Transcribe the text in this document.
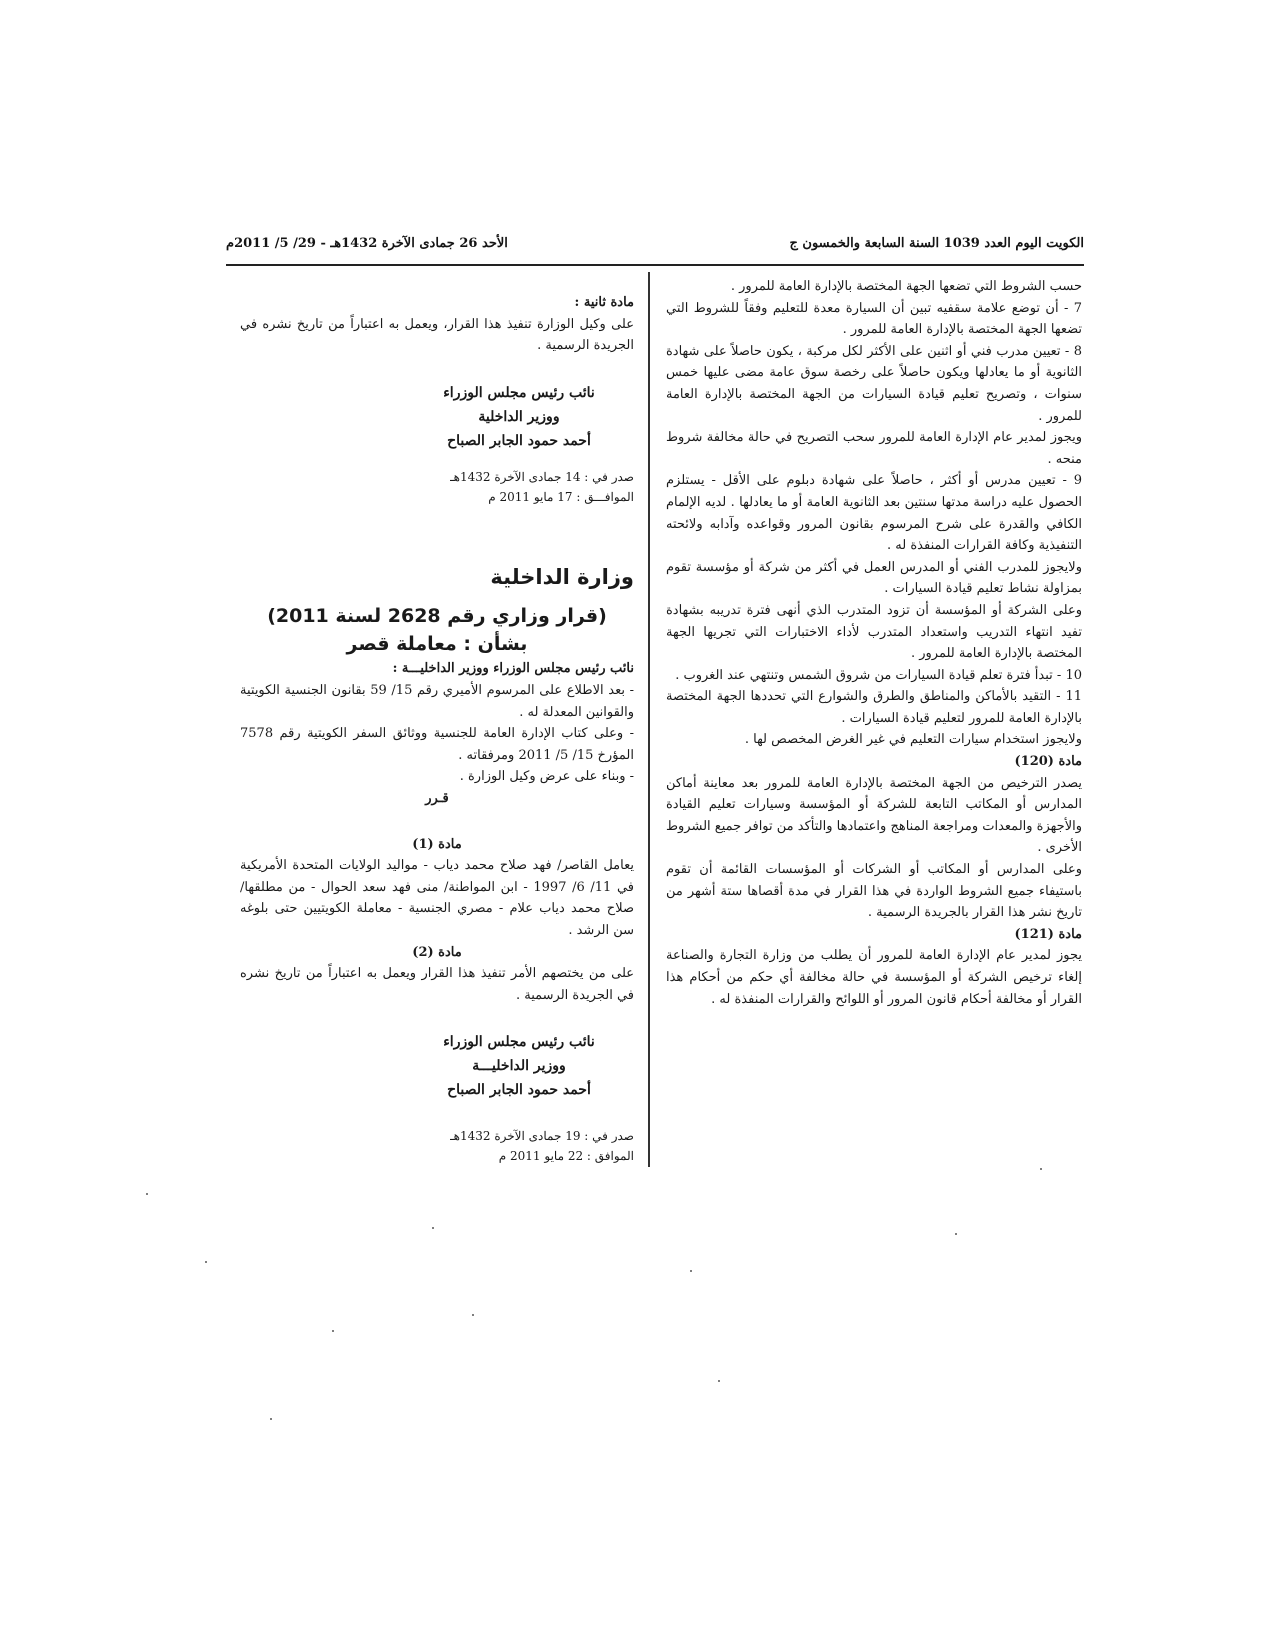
الكويت اليوم العدد 1039 السنة السابعة والخمسون ج
الأحد 26 جمادى الآخرة 1432هـ - 29/ 5/ 2011م

حسب الشروط التي تضعها الجهة المختصة بالإدارة العامة للمرور .

7 - أن توضع علامة سقفيه تبين أن السيارة معدة للتعليم وفقاً للشروط التي تضعها الجهة المختصة بالإدارة العامة للمرور .

8 - تعيين مدرب فني أو اثنين على الأكثر لكل مركبة ، يكون حاصلاً على شهادة الثانوية أو ما يعادلها ويكون حاصلاً على رخصة سوق عامة مضى عليها خمس سنوات ، وتصريح تعليم قيادة السيارات من الجهة المختصة بالإدارة العامة للمرور .

ويجوز لمدير عام الإدارة العامة للمرور سحب التصريح في حالة مخالفة شروط منحه .

9 - تعيين مدرس أو أكثر ، حاصلاً على شهادة دبلوم على الأقل - يستلزم الحصول عليه دراسة مدتها سنتين بعد الثانوية العامة أو ما يعادلها . لديه الإلمام الكافي والقدرة على شرح المرسوم بقانون المرور وقواعده وآدابه ولائحته التنفيذية وكافة القرارات المنفذة له .

ولايجوز للمدرب الفني أو المدرس العمل في أكثر من شركة أو مؤسسة تقوم بمزاولة نشاط تعليم قيادة السيارات .

وعلى الشركة أو المؤسسة أن تزود المتدرب الذي أنهى فترة تدريبه بشهادة تفيد انتهاء التدريب واستعداد المتدرب لأداء الاختبارات التي تجريها الجهة المختصة بالإدارة العامة للمرور .

10 - تبدأ فترة تعلم قيادة السيارات من شروق الشمس وتنتهي عند الغروب .

11 - التقيد بالأماكن والمناطق والطرق والشوارع التي تحددها الجهة المختصة بالإدارة العامة للمرور لتعليم قيادة السيارات .

ولايجوز استخدام سيارات التعليم في غير الغرض المخصص لها .

مادة (120)

يصدر الترخيص من الجهة المختصة بالإدارة العامة للمرور بعد معاينة أماكن المدارس أو المكاتب التابعة للشركة أو المؤسسة وسيارات تعليم القيادة والأجهزة والمعدات ومراجعة المناهج واعتمادها والتأكد من توافر جميع الشروط الأخرى .

وعلى المدارس أو المكاتب أو الشركات أو المؤسسات القائمة أن تقوم باستيفاء جميع الشروط الواردة في هذا القرار في مدة أقصاها ستة أشهر من تاريخ نشر هذا القرار بالجريدة الرسمية .

مادة (121)

يجوز لمدير عام الإدارة العامة للمرور أن يطلب من وزارة التجارة والصناعة إلغاء ترخيص الشركة أو المؤسسة في حالة مخالفة أي حكم من أحكام هذا القرار أو مخالفة أحكام قانون المرور أو اللوائح والقرارات المنفذة له .

مادة ثانية :

على وكيل الوزارة تنفيذ هذا القرار، ويعمل به اعتباراً من تاريخ نشره في الجريدة الرسمية .

نائب رئيس مجلس الوزراء

ووزير الداخلية

أحمد حمود الجابر الصباح

صدر في : 14 جمادى الآخرة 1432هـ

الموافـــق : 17 مايو 2011 م

وزارة الداخلية

(قرار وزاري رقم 2628 لسنة 2011)

بشأن : معاملة قصر

نائب رئيس مجلس الوزراء ووزير الداخليـــة :

- بعد الاطلاع على المرسوم الأميري رقم 15/ 59 بقانون الجنسية الكويتية والقوانين المعدلة له .

- وعلى كتاب الإدارة العامة للجنسية ووثائق السفر الكويتية رقم 7578 المؤرخ 15/ 5/ 2011 ومرفقاته .

- وبناء على عرض وكيل الوزارة .

قـرر

مادة (1)

يعامل القاصر/ فهد صلاح محمد دياب - مواليد الولايات المتحدة الأمريكية في 11/ 6/ 1997 - ابن المواطنة/ منى فهد سعد الحوال - من مطلقها/ صلاح محمد دياب علام - مصري الجنسية - معاملة الكويتيين حتى بلوغه سن الرشد .

مادة (2)

على من يختصهم الأمر تنفيذ هذا القرار ويعمل به اعتباراً من تاريخ نشره في الجريدة الرسمية .

نائب رئيس مجلس الوزراء

ووزير الداخليـــة

أحمد حمود الجابر الصباح

صدر في : 19 جمادى الآخرة 1432هـ

الموافق : 22 مايو 2011 م
